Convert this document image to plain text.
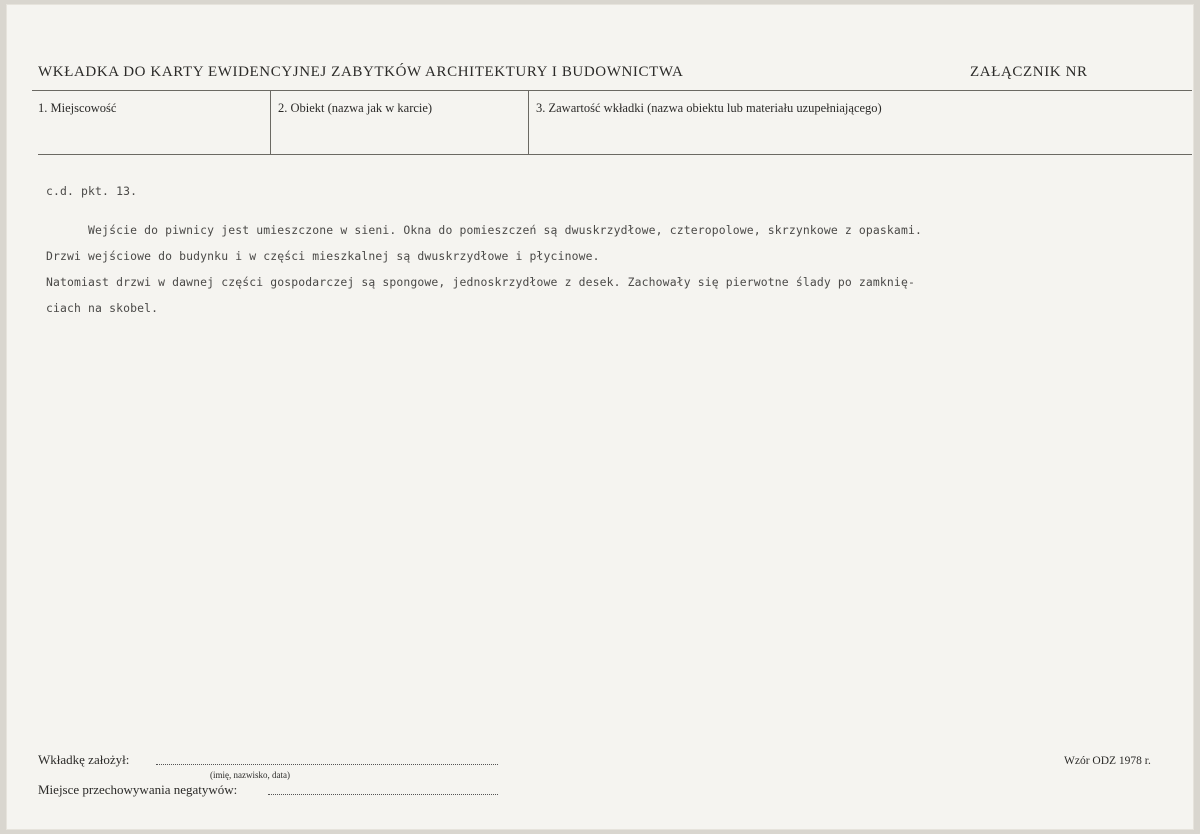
WKŁADKA DO KARTY EWIDENCYJNEJ ZABYTKÓW ARCHITEKTURY I BUDOWNICTWA	ZAŁĄCZNIK NR
1. Miejscowość	2. Obiekt (nazwa jak w karcie)	3. Zawartość wkładki (nazwa obiektu lub materiału uzupełniającego)
c.d. pkt. 13.
Wejście do piwnicy jest umieszczone w sieni. Okna do pomieszczeń są dwuskrzydłowe, czteropolowe, skrzynkowe z opaskami.
Drzwi wejściowe do budynku i w części mieszkalnej są dwuskrzydłowe i płycinowe.
Natomiast drzwi w dawnej części gospodarczej są spongowe, jednoskrzydłowe z desek. Zachowały się pierwotne ślady po zamknię-
ciach na skobel.
Wkładkę założył:
(imię, nazwisko, data)
Miejsce przechowywania negatywów:
Wzór ODZ 1978 r.
